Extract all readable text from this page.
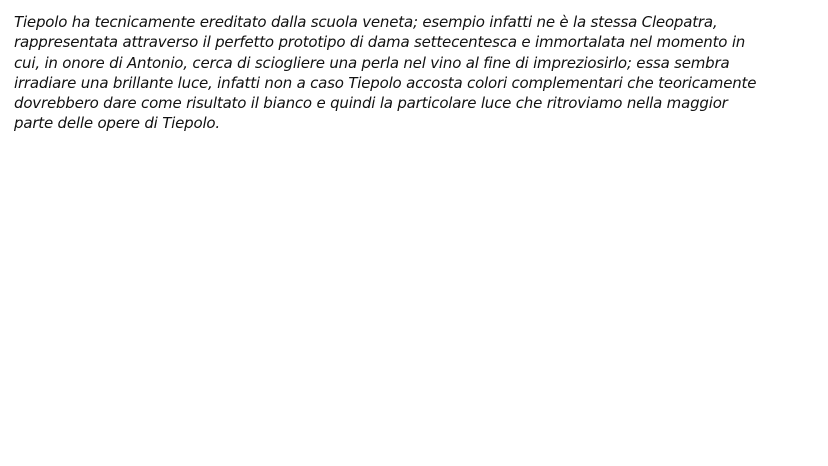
Tiepolo ha tecnicamente ereditato dalla scuola veneta; esempio infatti ne è la stessa Cleopatra,
rappresentata attraverso il perfetto prototipo di dama settecentesca e immortalata nel momento in
cui, in onore di Antonio, cerca di sciogliere una perla nel vino al fine di impreziosirlo; essa sembra
irradiare una brillante luce, infatti non a caso Tiepolo accosta colori complementari che teoricamente
dovrebbero dare come risultato il bianco e quindi la particolare luce che ritroviamo nella maggior
parte delle opere di Tiepolo.
